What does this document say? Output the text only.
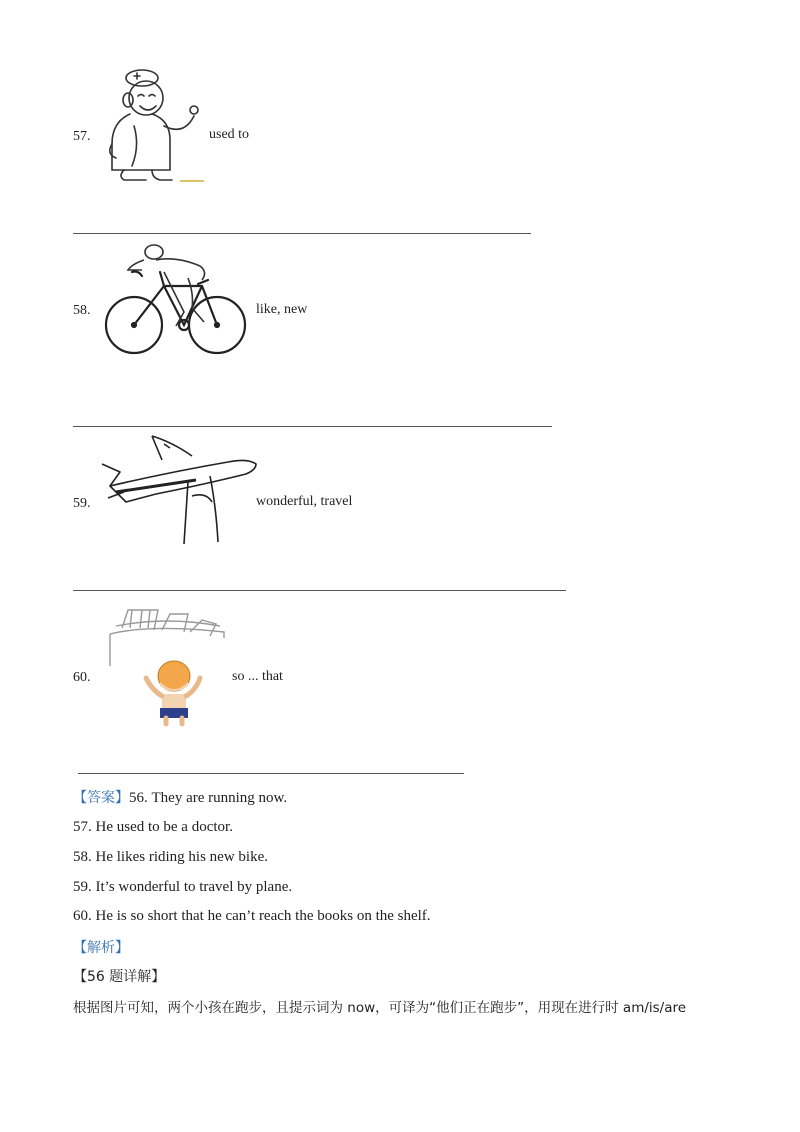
57.	used to
58.	like, new
59.	wonderful, travel
60.	so ... that
【答案】56. They are running now.
57. He used to be a doctor.
58. He likes riding his new bike.
59. It’s wonderful to travel by plane.
60. He is so short that he can’t reach the books on the shelf.
【解析】
【56 题详解】
根据图片可知，两个小孩在跑步，且提示词为 now，可译为“他们正在跑步”，用现在进行时 am/is/are
